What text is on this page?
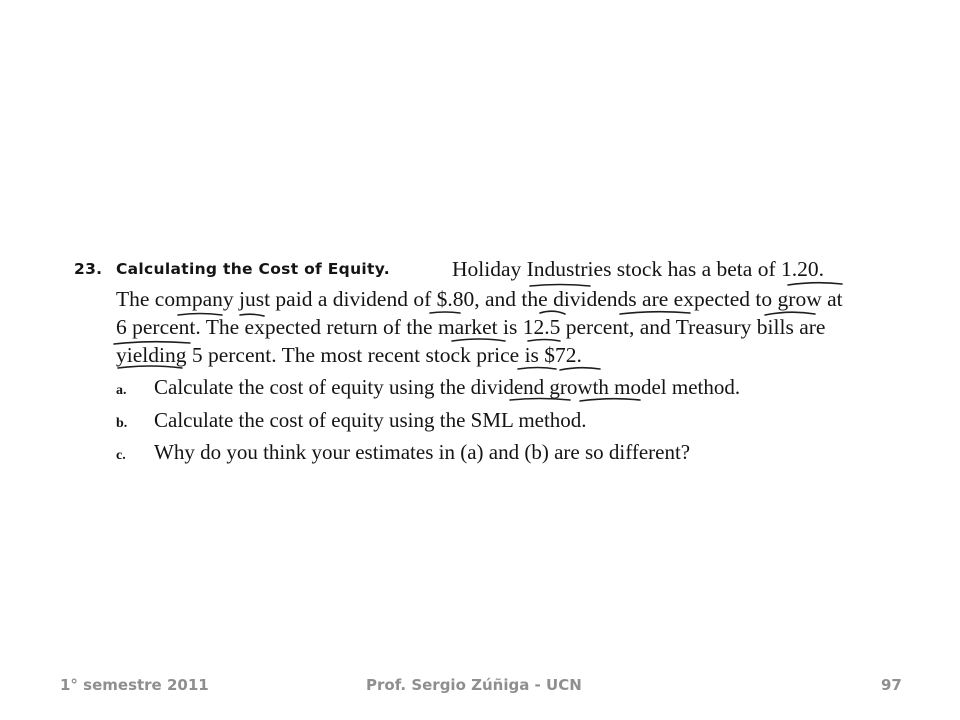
23. Calculating the Cost of Equity.	Holiday Industries stock has a beta of 1.20.
The company just paid a dividend of $.80, and the dividends are expected to grow at
6 percent. The expected return of the market is 12.5 percent, and Treasury bills are
yielding 5 percent. The most recent stock price is $72.
a. Calculate the cost of equity using the dividend growth model method.
b. Calculate the cost of equity using the SML method.
c. Why do you think your estimates in (a) and (b) are so different?
1° semestre 2011	Prof. Sergio Zúñiga - UCN	97
